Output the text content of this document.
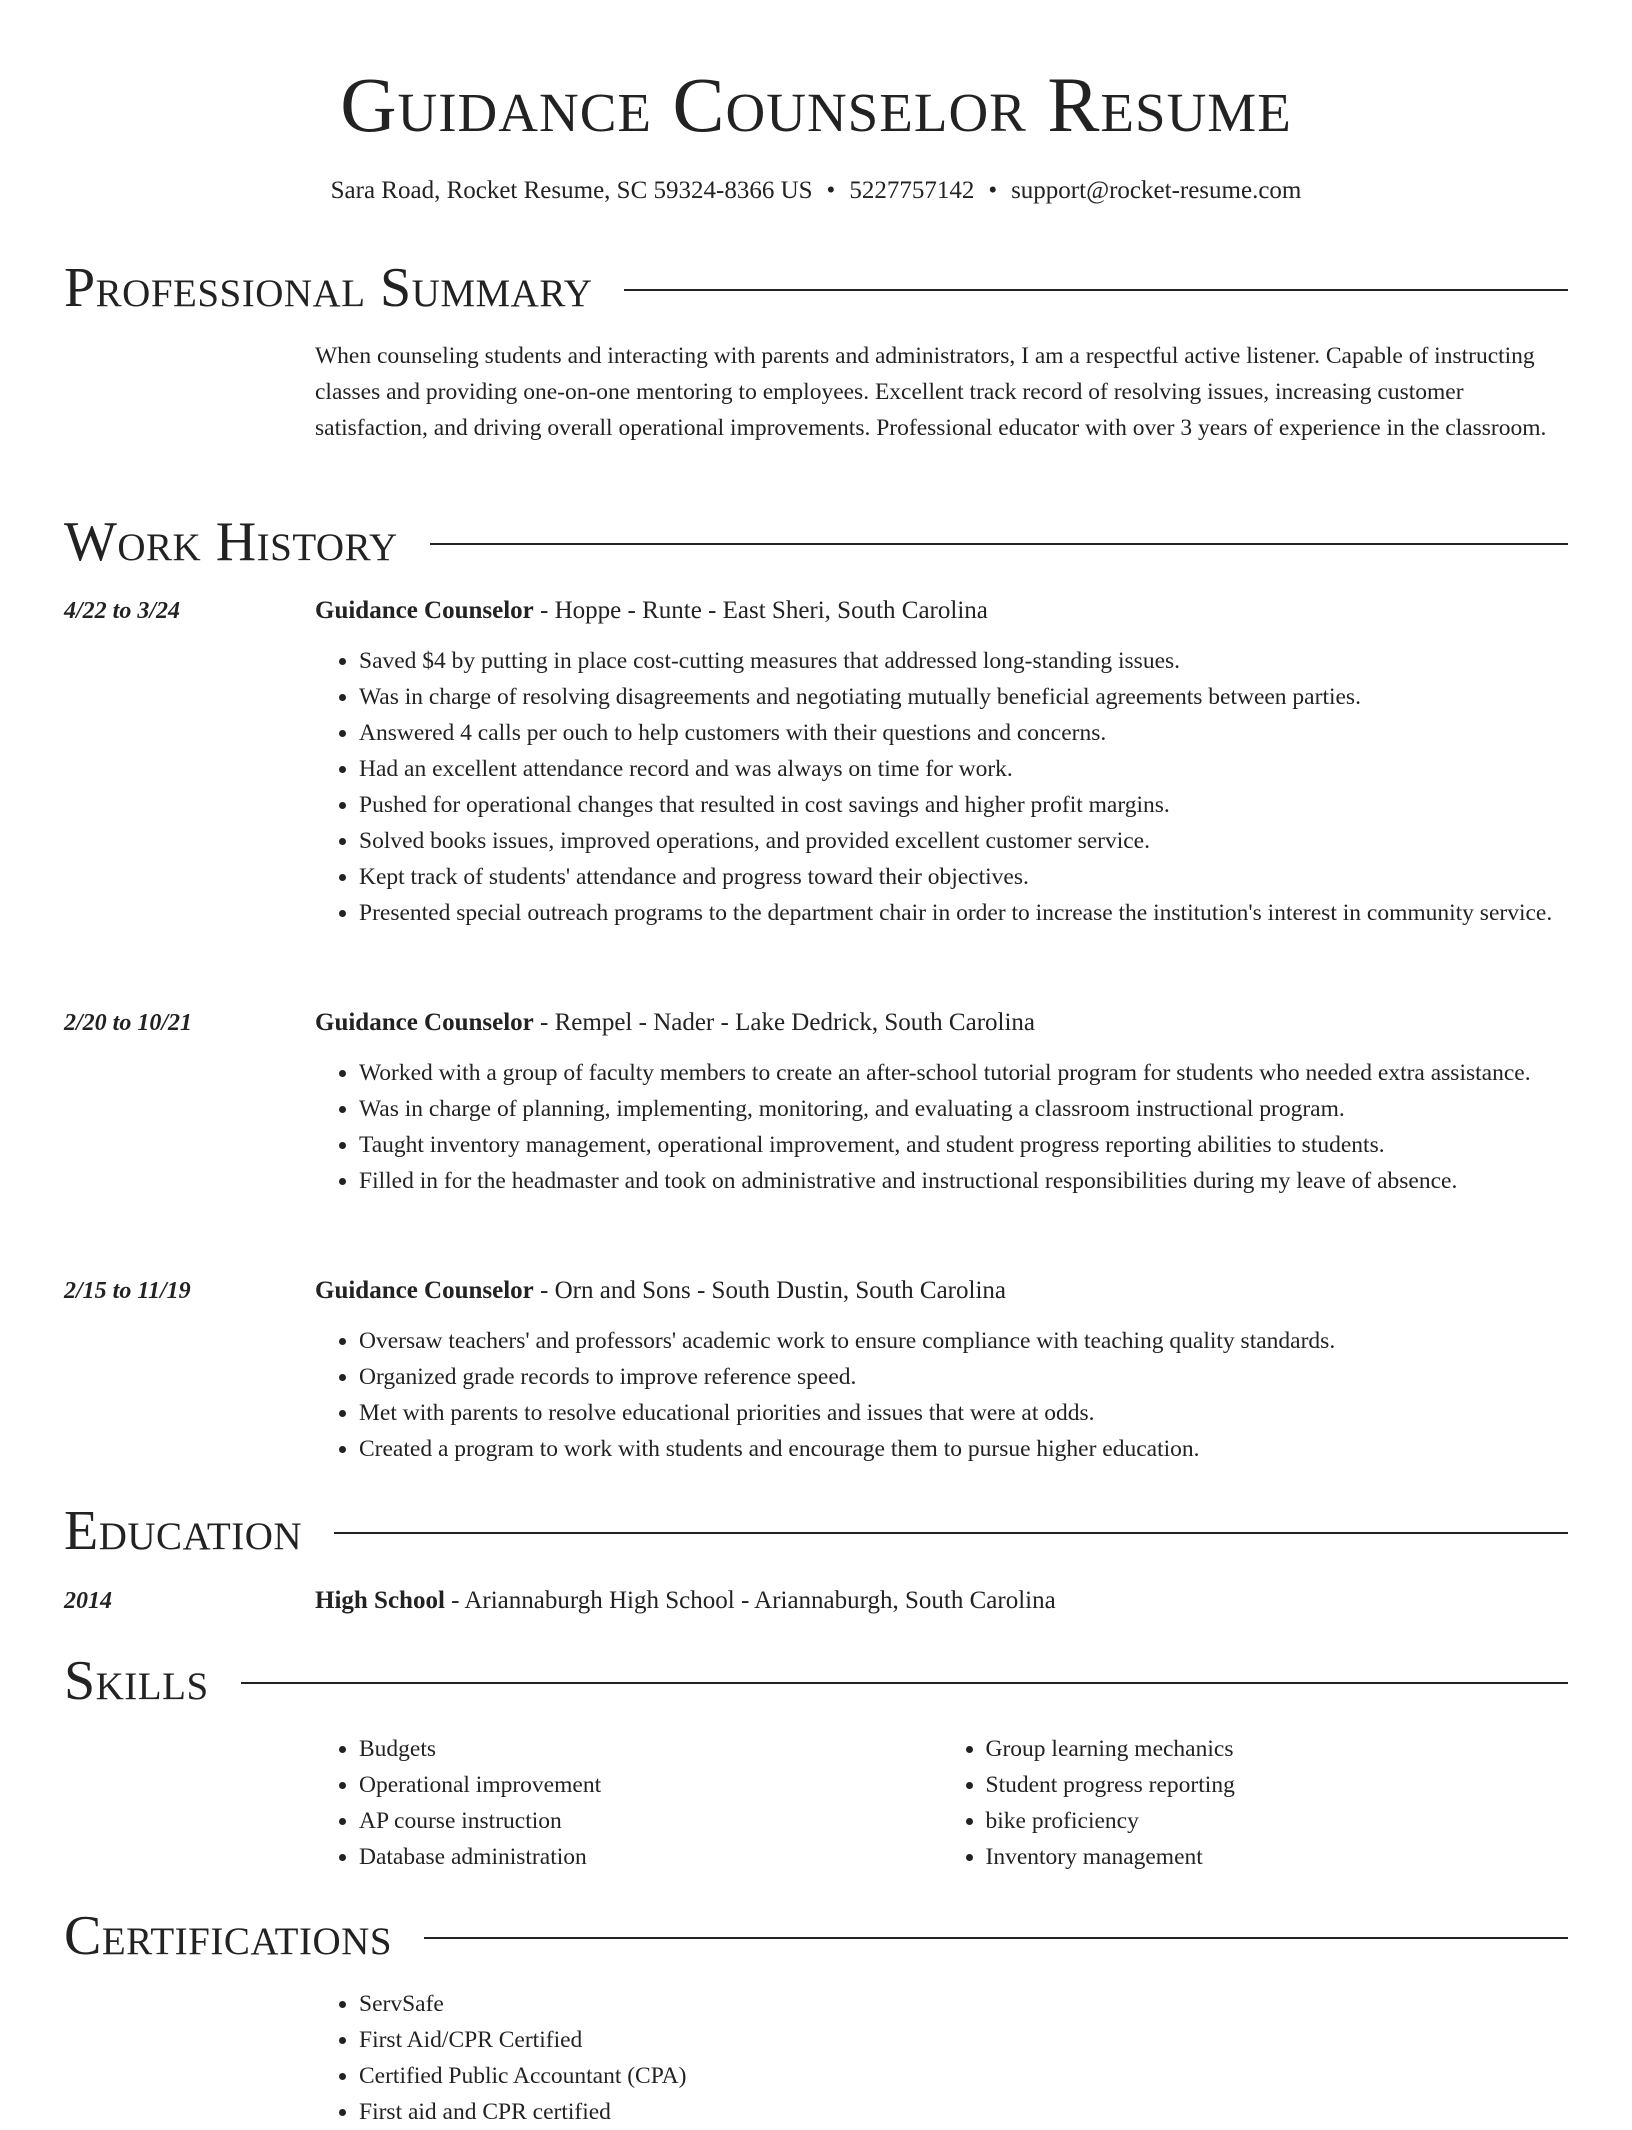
Guidance Counselor Resume
Sara Road, Rocket Resume, SC 59324-8366 US • 5227757142 • support@rocket-resume.com
Professional Summary
When counseling students and interacting with parents and administrators, I am a respectful active listener. Capable of instructing classes and providing one-on-one mentoring to employees. Excellent track record of resolving issues, increasing customer satisfaction, and driving overall operational improvements. Professional educator with over 3 years of experience in the classroom.
Work History
4/22 to 3/24	Guidance Counselor - Hoppe - Runte - East Sheri, South Carolina
• Saved $4 by putting in place cost-cutting measures that addressed long-standing issues.
• Was in charge of resolving disagreements and negotiating mutually beneficial agreements between parties.
• Answered 4 calls per ouch to help customers with their questions and concerns.
• Had an excellent attendance record and was always on time for work.
• Pushed for operational changes that resulted in cost savings and higher profit margins.
• Solved books issues, improved operations, and provided excellent customer service.
• Kept track of students' attendance and progress toward their objectives.
• Presented special outreach programs to the department chair in order to increase the institution's interest in community service.
2/20 to 10/21	Guidance Counselor - Rempel - Nader - Lake Dedrick, South Carolina
• Worked with a group of faculty members to create an after-school tutorial program for students who needed extra assistance.
• Was in charge of planning, implementing, monitoring, and evaluating a classroom instructional program.
• Taught inventory management, operational improvement, and student progress reporting abilities to students.
• Filled in for the headmaster and took on administrative and instructional responsibilities during my leave of absence.
2/15 to 11/19	Guidance Counselor - Orn and Sons - South Dustin, South Carolina
• Oversaw teachers' and professors' academic work to ensure compliance with teaching quality standards.
• Organized grade records to improve reference speed.
• Met with parents to resolve educational priorities and issues that were at odds.
• Created a program to work with students and encourage them to pursue higher education.
Education
2014	High School - Ariannaburgh High School - Ariannaburgh, South Carolina
Skills
• Budgets
• Operational improvement
• AP course instruction
• Database administration
• Group learning mechanics
• Student progress reporting
• bike proficiency
• Inventory management
Certifications
• ServSafe
• First Aid/CPR Certified
• Certified Public Accountant (CPA)
• First aid and CPR certified
